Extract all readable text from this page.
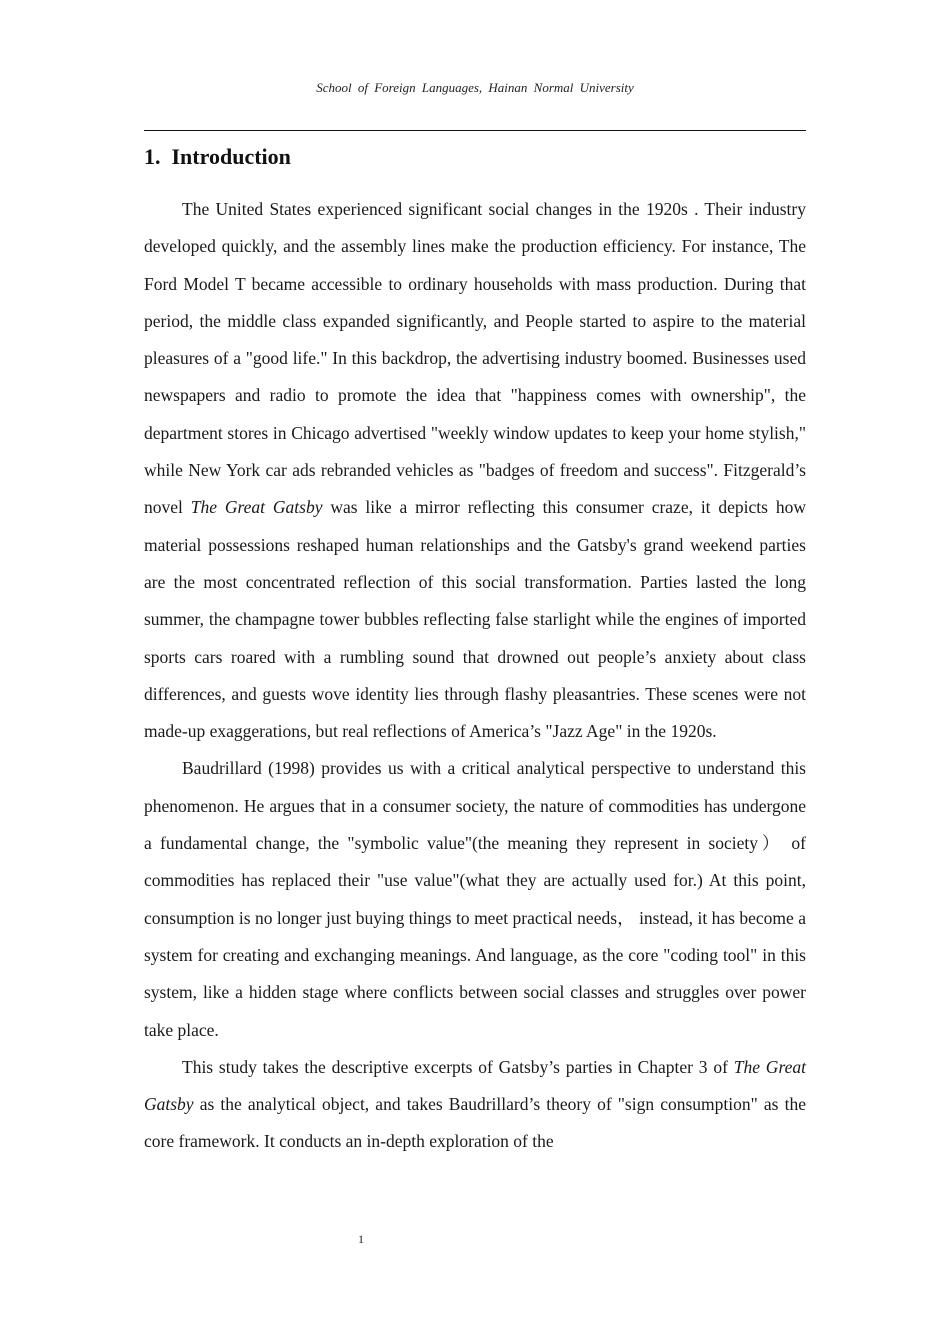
School of Foreign Languages, Hainan Normal University
1.  Introduction

The United States experienced significant social changes in the 1920s . Their industry developed quickly, and the assembly lines make the production efficiency. For instance, The Ford Model T became accessible to ordinary households with mass production. During that period, the middle class expanded significantly, and People started to aspire to the material pleasures of a "good life." In this backdrop, the advertising industry boomed. Businesses used newspapers and radio to promote the idea that "happiness comes with ownership", the department stores in Chicago advertised "weekly window updates to keep your home stylish," while New York car ads rebranded vehicles as "badges of freedom and success". Fitzgerald’s novel The Great Gatsby was like a mirror reflecting this consumer craze, it depicts how material possessions reshaped human relationships and the Gatsby's grand weekend parties are the most concentrated reflection of this social transformation. Parties lasted the long summer, the champagne tower bubbles reflecting false starlight while the engines of imported sports cars roared with a rumbling sound that drowned out people’s anxiety about class differences, and guests wove identity lies through flashy pleasantries. These scenes were not made-up exaggerations, but real reflections of America’s "Jazz Age" in the 1920s.

Baudrillard (1998) provides us with a critical analytical perspective to understand this phenomenon. He argues that in a consumer society, the nature of commodities has undergone a fundamental change, the "symbolic value"(the meaning they represent in society） of commodities has replaced their "use value"(what they are actually used for.) At this point, consumption is no longer just buying things to meet practical needs， instead, it has become a system for creating and exchanging meanings. And language, as the core "coding tool" in this system, like a hidden stage where conflicts between social classes and struggles over power take place.

This study takes the descriptive excerpts of Gatsby’s parties in Chapter 3 of The Great Gatsby as the analytical object, and takes Baudrillard’s theory of "sign consumption" as the core framework. It conducts an in-depth exploration of the

1
